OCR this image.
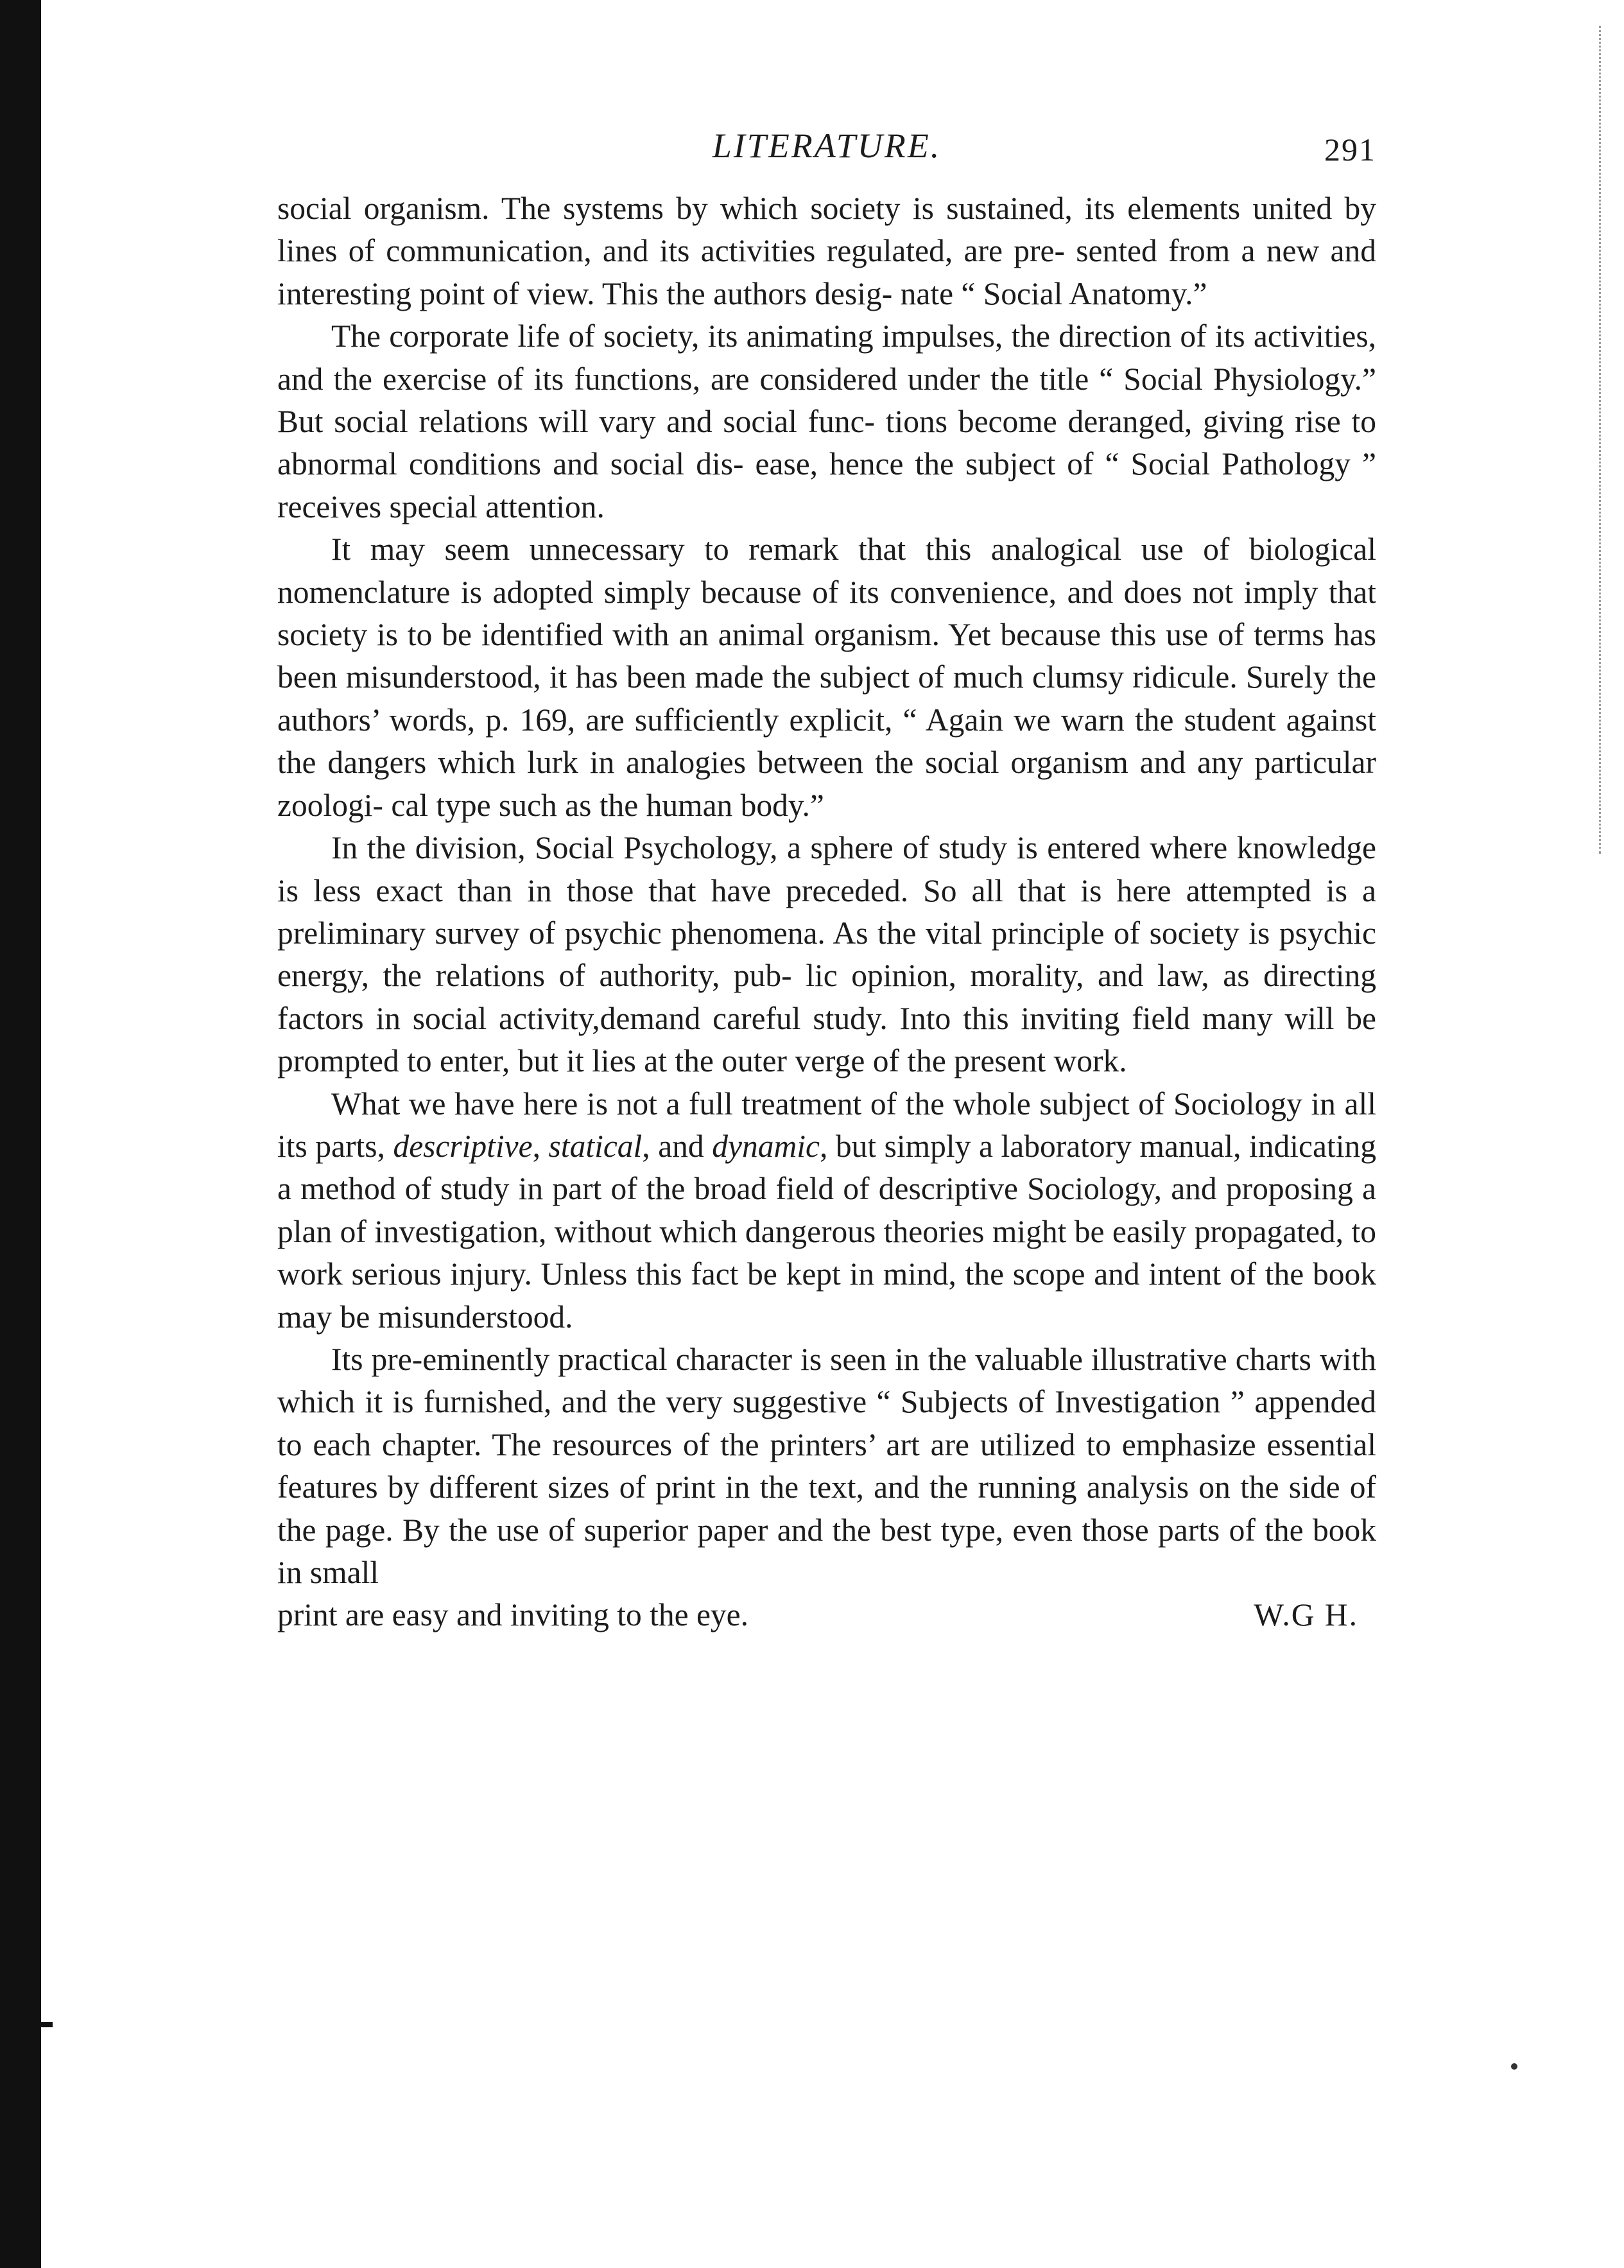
LITERATURE.	291

social organism. The systems by which society is sustained, its elements united by lines of communication, and its activities regulated, are pre- sented from a new and interesting point of view. This the authors desig- nate “ Social Anatomy.”

The corporate life of society, its animating impulses, the direction of its activities, and the exercise of its functions, are considered under the title “ Social Physiology.” But social relations will vary and social func- tions become deranged, giving rise to abnormal conditions and social dis- ease, hence the subject of “ Social Pathology ” receives special attention.

It may seem unnecessary to remark that this analogical use of biological nomenclature is adopted simply because of its convenience, and does not imply that society is to be identified with an animal organism. Yet because this use of terms has been misunderstood, it has been made the subject of much clumsy ridicule. Surely the authors’ words, p. 169, are sufficiently explicit, “ Again we warn the student against the dangers which lurk in analogies between the social organism and any particular zoologi- cal type such as the human body.”

In the division, Social Psychology, a sphere of study is entered where knowledge is less exact than in those that have preceded. So all that is here attempted is a preliminary survey of psychic phenomena. As the vital principle of society is psychic energy, the relations of authority, pub- lic opinion, morality, and law, as directing factors in social activity,demand careful study. Into this inviting field many will be prompted to enter, but it lies at the outer verge of the present work.

What we have here is not a full treatment of the whole subject of Sociology in all its parts, descriptive, statical, and dynamic, but simply a laboratory manual, indicating a method of study in part of the broad field of descriptive Sociology, and proposing a plan of investigation, without which dangerous theories might be easily propagated, to work serious injury. Unless this fact be kept in mind, the scope and intent of the book may be misunderstood.

Its pre-eminently practical character is seen in the valuable illustrative charts with which it is furnished, and the very suggestive “ Subjects of Investigation ” appended to each chapter. The resources of the printers’ art are utilized to emphasize essential features by different sizes of print in the text, and the running analysis on the side of the page. By the use of superior paper and the best type, even those parts of the book in small

print are easy and inviting to the eye.	W.G H.
